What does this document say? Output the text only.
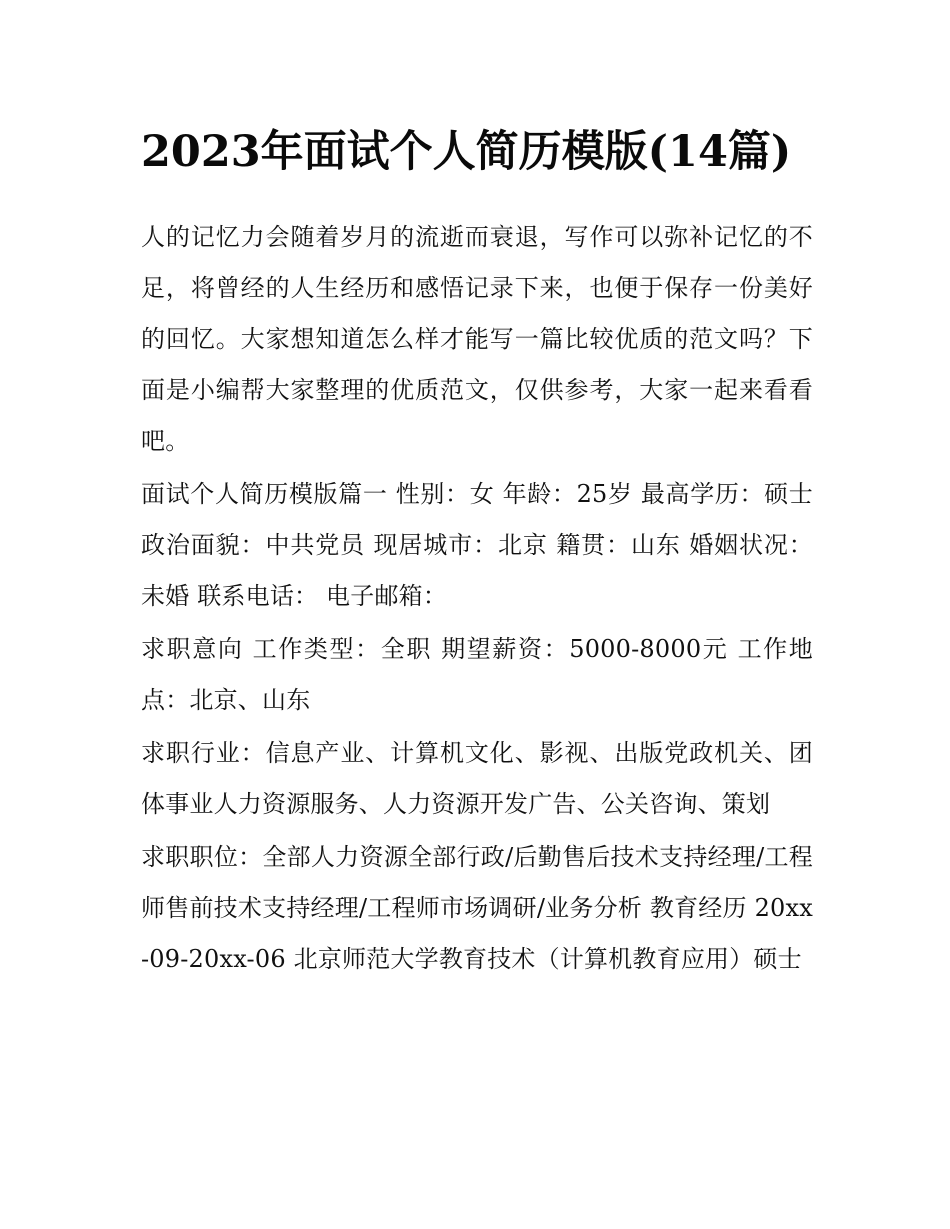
2023年面试个人简历模版(14篇)

人的记忆力会随着岁月的流逝而衰退，写作可以弥补记忆的不足，将曾经的人生经历和感悟记录下来，也便于保存一份美好的回忆。大家想知道怎么样才能写一篇比较优质的范文吗？下面是小编帮大家整理的优质范文，仅供参考，大家一起来看看吧。

面试个人简历模版篇一 性别：女 年龄：25岁 最高学历：硕士 政治面貌：中共党员 现居城市：北京 籍贯：山东 婚姻状况：未婚 联系电话： 电子邮箱：

求职意向 工作类型：全职 期望薪资：5000-8000元 工作地点：北京、山东

求职行业：信息产业、计算机文化、影视、出版党政机关、团体事业人力资源服务、人力资源开发广告、公关咨询、策划

求职职位：全部人力资源全部行政/后勤售后技术支持经理/工程师售前技术支持经理/工程师市场调研/业务分析 教育经历 20xx-09-20xx-06 北京师范大学教育技术（计算机教育应用）硕士
